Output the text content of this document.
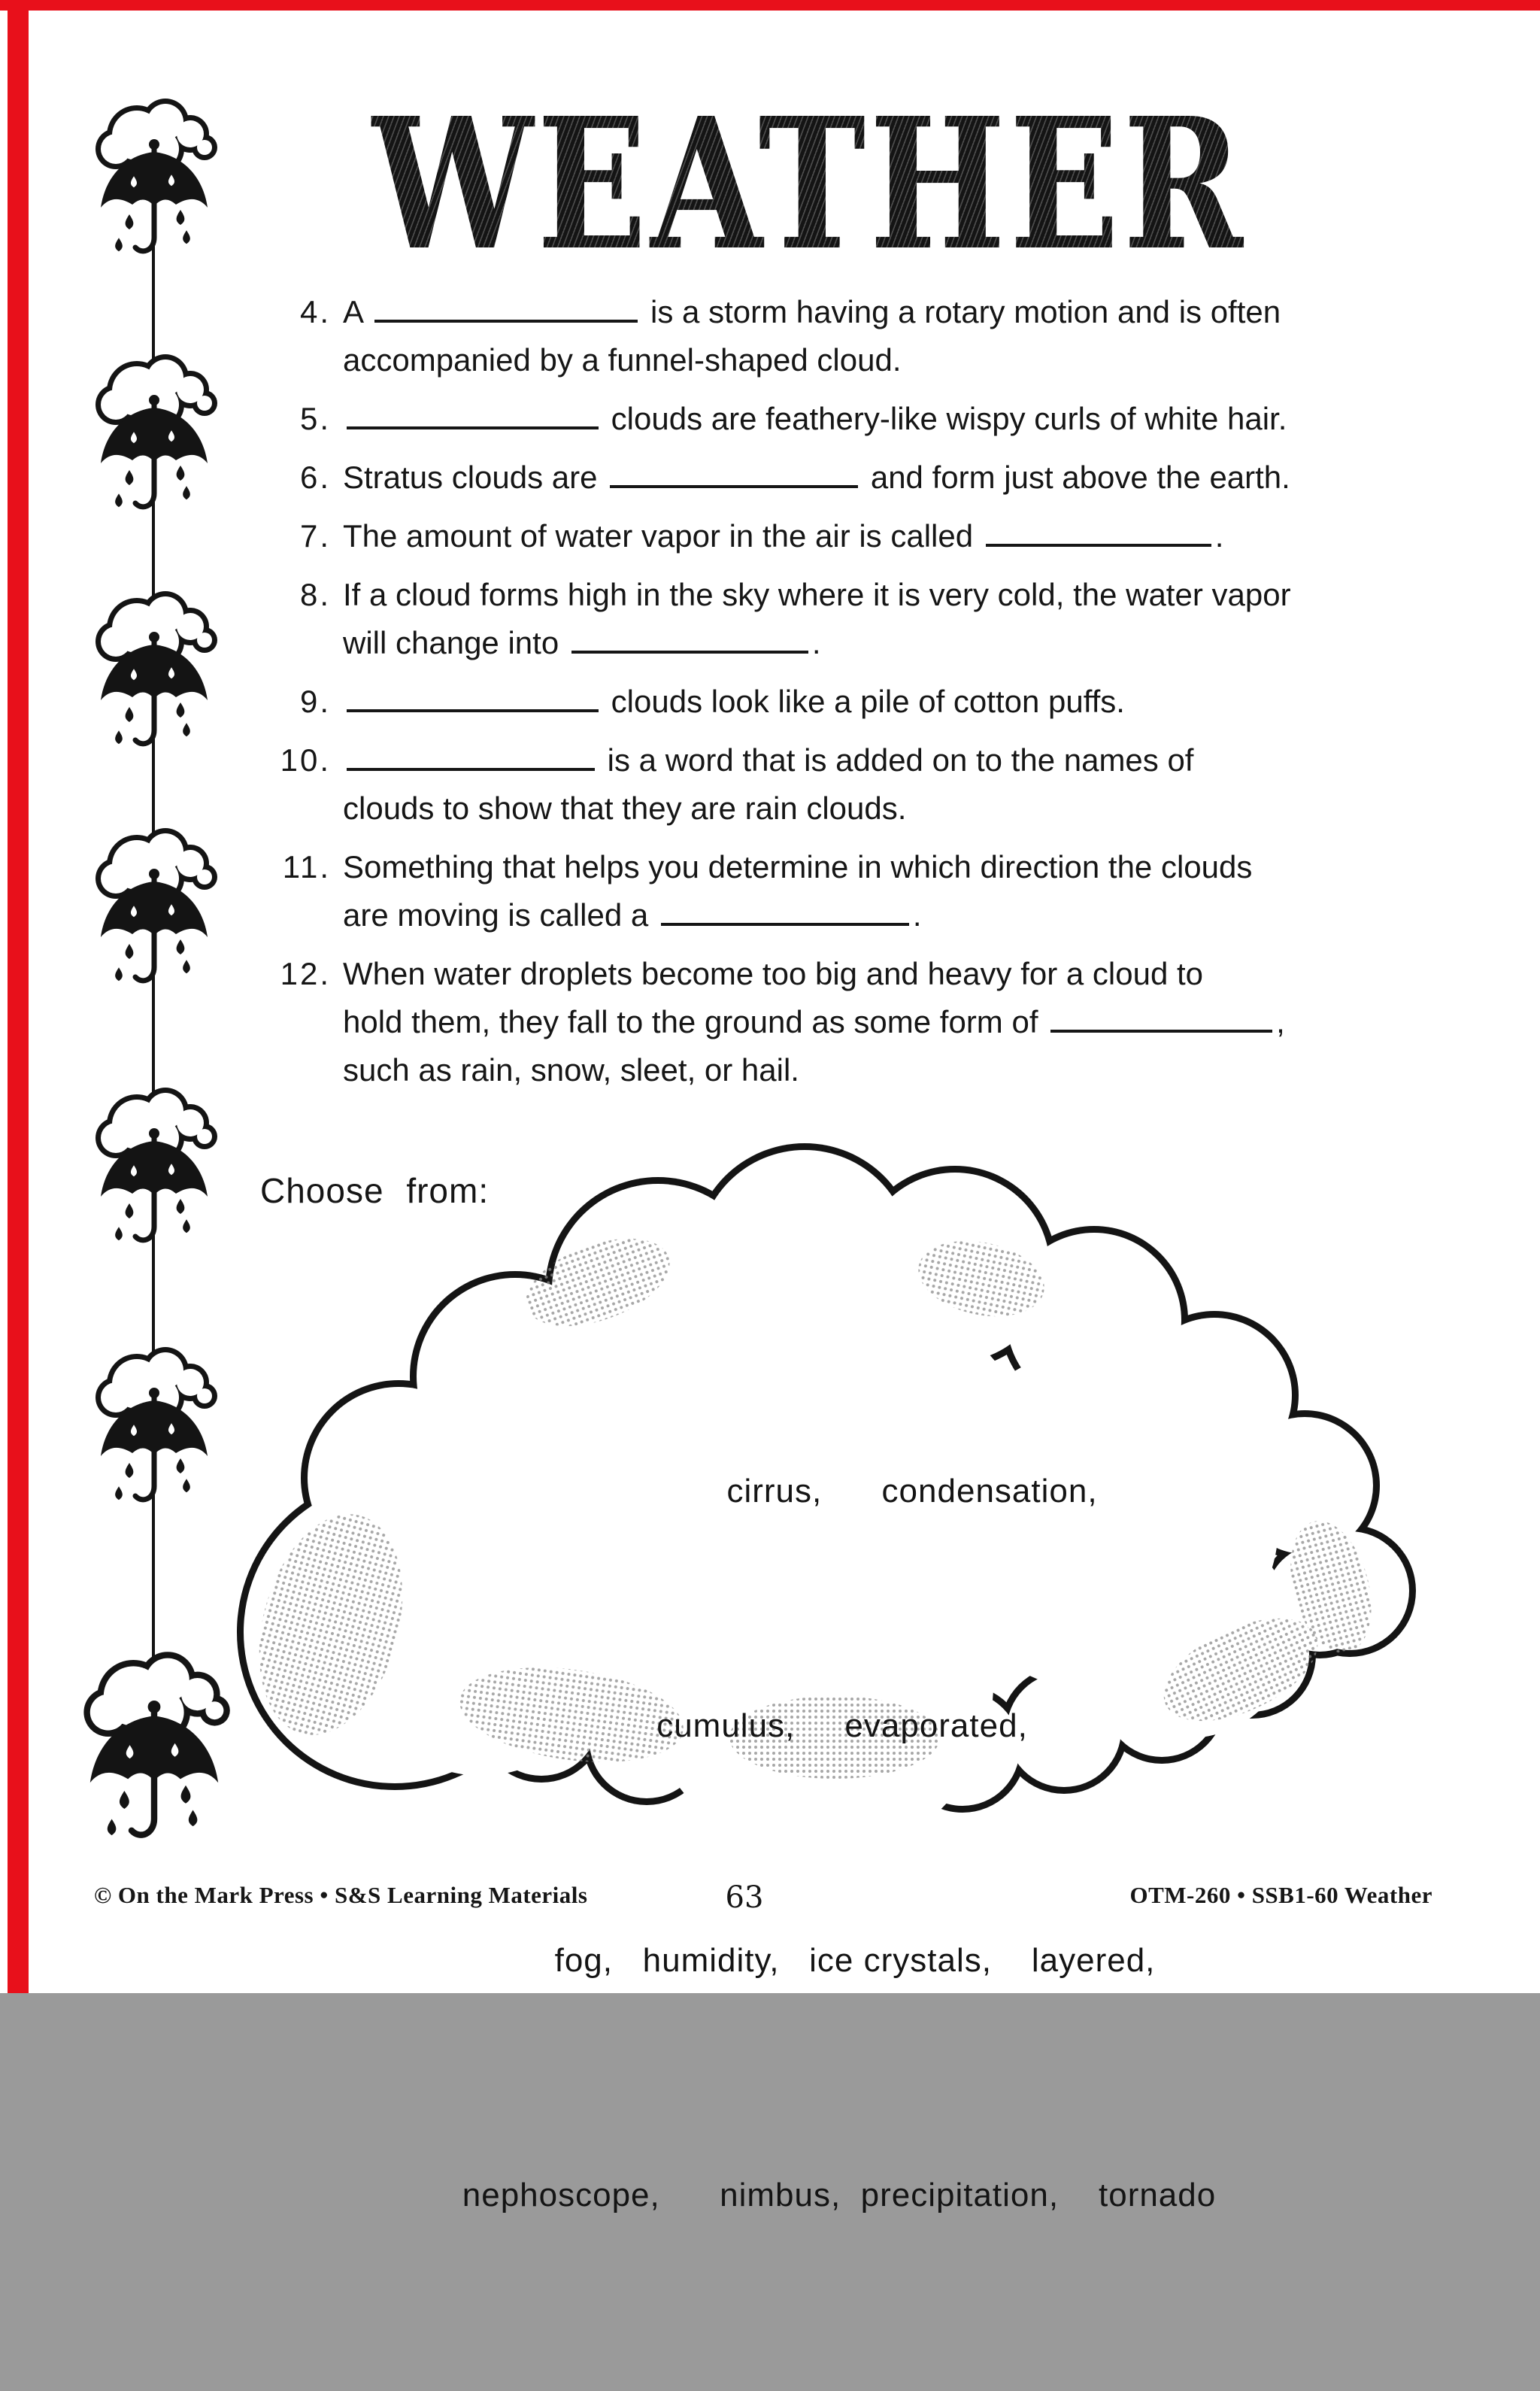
WEATHER
4. A	is a storm having a rotary motion and is often
accompanied by a funnel-shaped cloud.
5.	clouds are feathery-like wispy curls of white hair.
6. Stratus clouds are	and form just above the earth.
7. The amount of water vapor in the air is called	.
8. If a cloud forms high in the sky where it is very cold, the water vapor
will change into	.
9.	clouds look like a pile of cotton puffs.
10.	is a word that is added on to the names of
clouds to show that they are rain clouds.
11. Something that helps you determine in which direction the clouds
are moving is called a	.
12. When water droplets become too big and heavy for a cloud to
hold them, they fall to the ground as some form of	,
such as rain, snow, sleet, or hail.
Choose from:

cirrus,      condensation,

cumulus,     evaporated,

fog,   humidity,   ice crystals,    layered,

nephoscope,      nimbus,  precipitation,    tornado

© On the Mark Press • S&S Learning Materials	63	OTM-260 • SSB1-60 Weather
